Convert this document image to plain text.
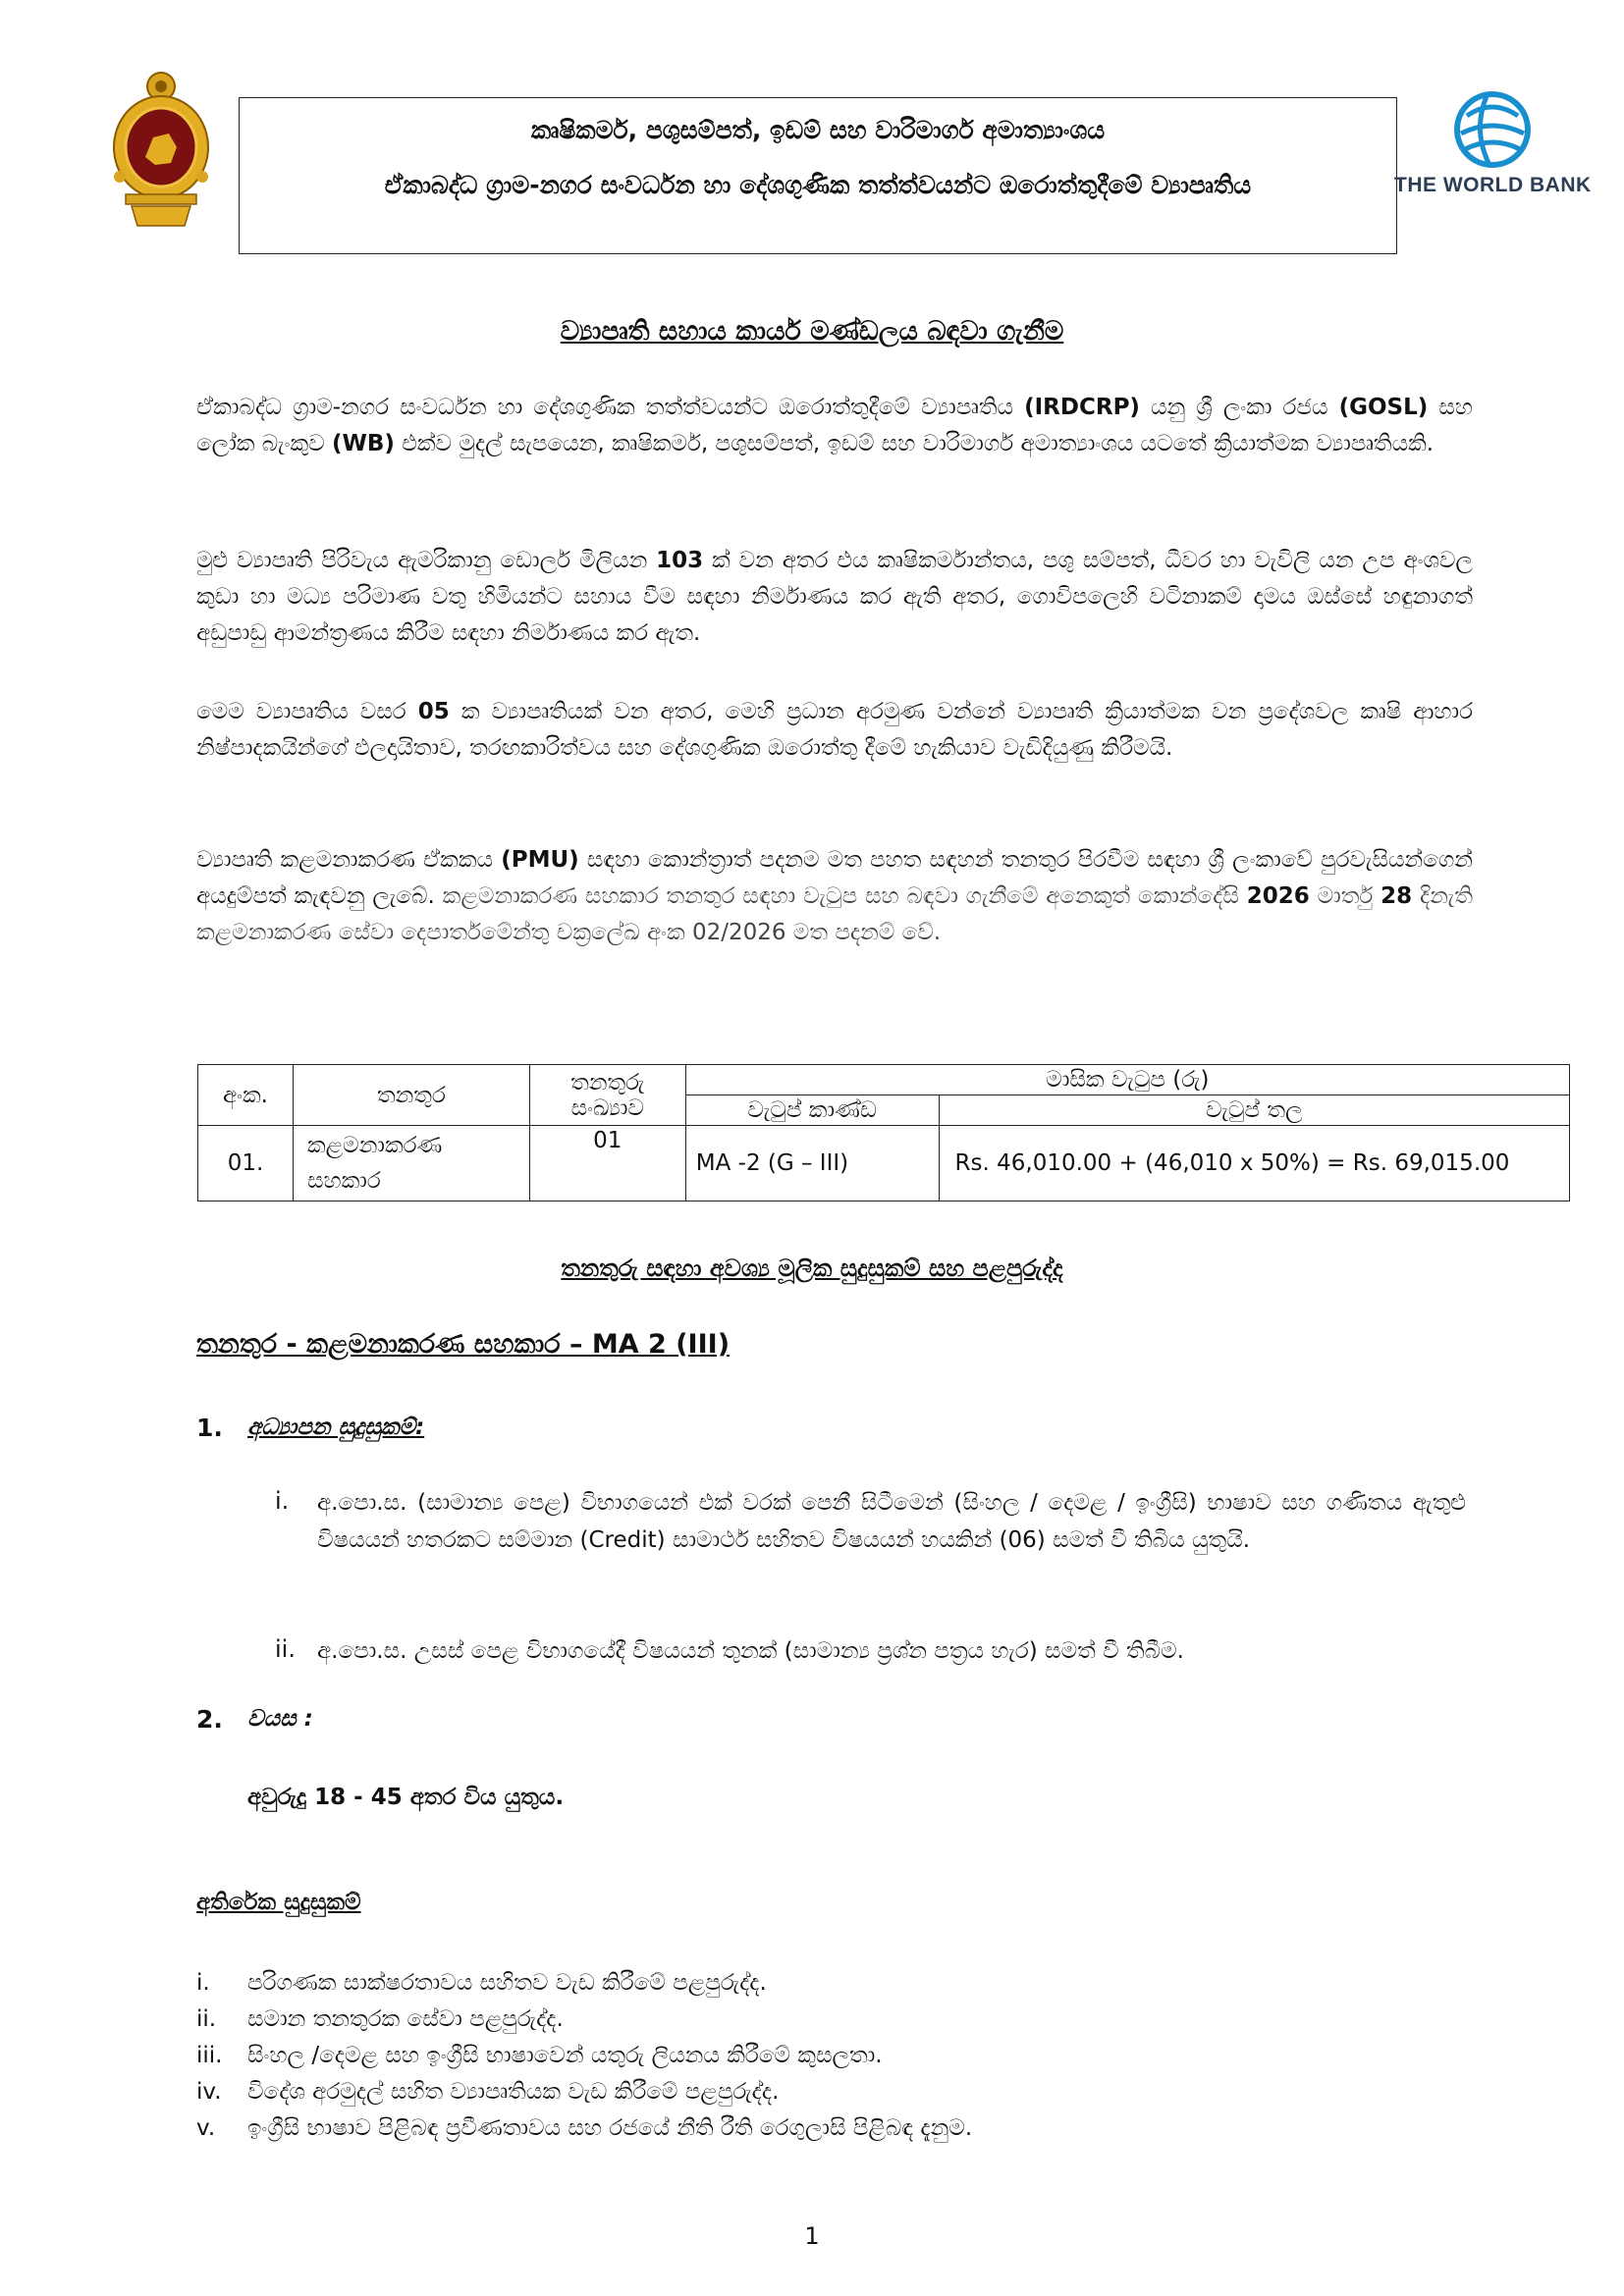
කෘෂිකර්ම, පශුසම්පත්, ඉඩම් සහ වාරිමාර්ග අමාත්‍යාංශය
ඒකාබද්ධ ග්‍රාම-නගර සංවර්ධන හා දේශගුණික තත්ත්වයන්ට ඔරොත්තුදීමේ ව්‍යාපෘතිය	THE WORLD BANK
ව්‍යාපෘති සහාය කාර්ය මණ්ඩලය බඳවා ගැනීම
ඒකාබද්ධ ග්‍රාම-නගර සංවර්ධන හා දේශගුණික තත්ත්වයන්ට ඔරොත්තුදීමේ ව්‍යාපෘතිය (IRDCRP) යනු ශ්‍රී ලංකා රජය (GOSL) සහ ලෝක බැංකුව (WB) එක්ව මුදල් සැපයෙන, කෘෂිකර්ම, පශුසම්පත්, ඉඩම් සහ වාරිමාර්ග අමාත්‍යාංශය යටතේ ක්‍රියාත්මක ව්‍යාපෘතියකි.
මුළු ව්‍යාපෘති පිරිවැය ඇමරිකානු ඩොලර් මිලියන 103 ක් වන අතර එය කෘෂිකර්මාන්තය, පශු සම්පත්, ධීවර හා වැවිලි යන උප අංශවල කුඩා හා මධ්‍ය පරිමාණ වතු හිමියන්ට සහාය වීම සඳහා නිර්මාණය කර ඇති අතර, ගොවිපලෙහි වටිනාකම් දාමය ඔස්සේ හඳුනාගත් අඩුපාඩු ආමන්ත්‍රණය කිරීම සඳහා නිර්මාණය කර ඇත.
මෙම ව්‍යාපෘතිය වසර 05 ක ව්‍යාපෘතියක් වන අතර, මෙහි ප්‍රධාන අරමුණ වන්නේ ව්‍යාපෘති ක්‍රියාත්මක වන ප්‍රදේශවල කෘෂි ආහාර නිෂ්පාදකයින්ගේ ඵලදායිතාව, තරඟකාරිත්වය සහ දේශගුණික ඔරොත්තු දීමේ හැකියාව වැඩිදියුණු කිරීමයි.
ව්‍යාපෘති කළමනාකරණ ඒකකය (PMU) සඳහා කොන්ත්‍රාත් පදනම මත පහත සඳහන් තනතුර පිරවීම සඳහා ශ්‍රී ලංකාවේ පුරවැසියන්ගෙන් අයදුම්පත් කැඳවනු ලැබේ. කළමනාකරණ සහකාර තනතුර සඳහා වැටුප සහ බඳවා ගැනීමේ අනෙකුත් කොන්දේසි 2026 මාර්තු 28 දිනැති කළමනාකරණ සේවා දෙපාර්තමේන්තු චක්‍රලේඛ අංක 02/2026 මත පදනම් වේ.
අංක.	තනතුර	තනතුරු සංඛ්‍යාව	මාසික වැටුප (රු)	
			වැටුප් කාණ්ඩ	වැටුප් තල
01.	කළමනාකරණ සහකාර	01	MA -2 (G – III)	Rs. 46,010.00 + (46,010 x 50%) = Rs. 69,015.00
තනතුරු සඳහා අවශ්‍ය මූලික සුදුසුකම් සහ පළපුරුද්ද
තනතුර - කළමනාකරණ සහකාර – MA 2 (III)
1. අධ්‍යාපන සුදුසුකම්:
i. අ.පො.ස. (සාමාන්‍ය පෙළ) විභාගයෙන් එක් වරක් පෙනී සිටීමෙන් (සිංහල / දෙමළ / ඉංග්‍රීසි) භාෂාව සහ ගණිතය ඇතුළු විෂයයන් හතරකට සම්මාන (Credit) සාමාර්ථ සහිතව විෂයයන් හයකින් (06) සමත් වී තිබිය යුතුයි.
ii. අ.පො.ස. උසස් පෙළ විභාගයේදී විෂයයන් තුනක් (සාමාන්‍ය ප්‍රශ්න පත්‍රය හැර) සමත් වී තිබීම.
2. වයස :
අවුරුදු 18 - 45 අතර විය යුතුය.
අතිරේක සුදුසුකම්
i. පරිගණක සාක්ෂරතාවය සහිතව වැඩ කිරීමේ පළපුරුද්ද.
ii. සමාන තනතුරක සේවා පළපුරුද්ද.
iii. සිංහල /දෙමළ සහ ඉංග්‍රීසි භාෂාවෙන් යතුරු ලියනය කිරීමේ කුසලතා.
iv. විදේශ අරමුදල් සහිත ව්‍යාපෘතියක වැඩ කිරීමේ පළපුරුද්ද.
v. ඉංග්‍රීසි භාෂාව පිළිබඳ ප්‍රවීණතාවය සහ රජයේ නීති රීති රෙගුලාසි පිළිබඳ දැනුම.
1
